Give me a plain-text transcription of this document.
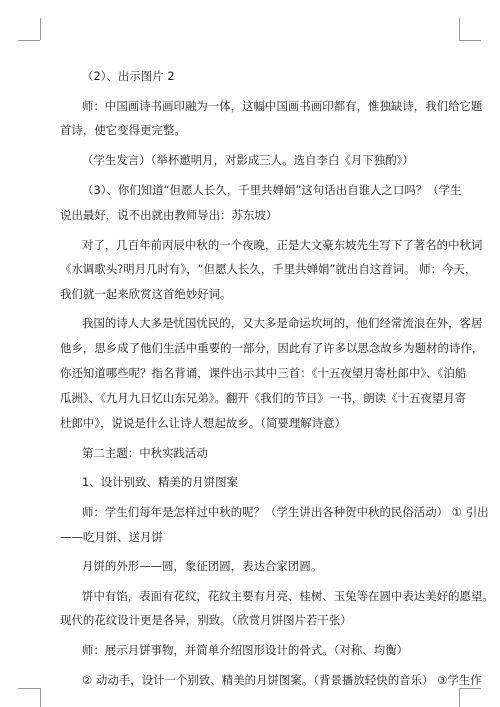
（2）、出示图片 2
师：中国画诗书画印融为一体，这幅中国画书画印都有，惟独缺诗，我们给它题
首诗，使它变得更完整。
（学生发言）（举杯邀明月，对影成三人。选自李白《月下独酌》）
（3）、你们知道“但愿人长久，千里共婵娟”这句话出自谁人之口吗？（学生
说出最好，说不出就由教师导出：苏东坡）
对了，几百年前丙辰中秋的一个夜晚，正是大文豪东坡先生写下了著名的中秋词
《水调歌头?明月几时有》，“但愿人长久，千里共婵娟”就出自这首词。 师：今天，
我们就一起来欣赏这首绝妙好词。
我国的诗人大多是忧国忧民的，又大多是命运坎坷的，他们经常流浪在外，客居
他乡，思乡成了他们生活中重要的一部分，因此有了许多以思念故乡为题材的诗作，
你还知道哪些呢？指名背诵，课件出示其中三首：《十五夜望月寄杜郎中》、《泊船
瓜洲》、《九月九日忆山东兄弟》。翻开《我们的节日》一书，朗读《十五夜望月寄
杜郎中》，说说是什么让诗人想起故乡。（简要理解诗意）
第二主题：中秋实践活动
1、设计别致、精美的月饼图案
师：学生们每年是怎样过中秋的呢？（学生讲出各种贺中秋的民俗活动） ① 引出
——吃月饼、送月饼
月饼的外形——圆，象征团圆，表达合家团圆。
饼中有馅，表面有花纹，花纹主要有月亮、桂树、玉兔等在圆中表达美好的愿望。
现代的花纹设计更是各异，别致。（欣赏月饼图片若干张）
师：展示月饼事物，并简单介绍图形设计的骨式。（对称、均衡）
② 动动手，设计一个别致、精美的月饼图案。（背景播放轻快的音乐） ③学生作
